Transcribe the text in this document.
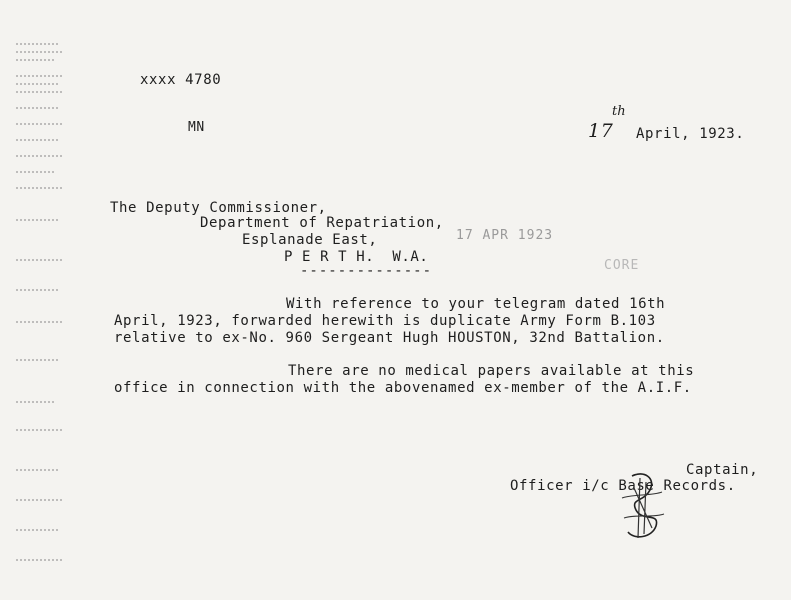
xxxx 4780
MN	17
th
April, 1923.
The Deputy Commissioner,
Department of Repatriation,
Esplanade East,
P E R T H.  W.A.
--------------
17 APR 1923
CORE
With reference to your telegram dated 16th
April, 1923, forwarded herewith is duplicate Army Form B.103
relative to ex-No. 960 Sergeant Hugh HOUSTON, 32nd Battalion.
There are no medical papers available at this
office in connection with the abovenamed ex-member of the A.I.F.
Captain,
Officer i/c Base Records.
